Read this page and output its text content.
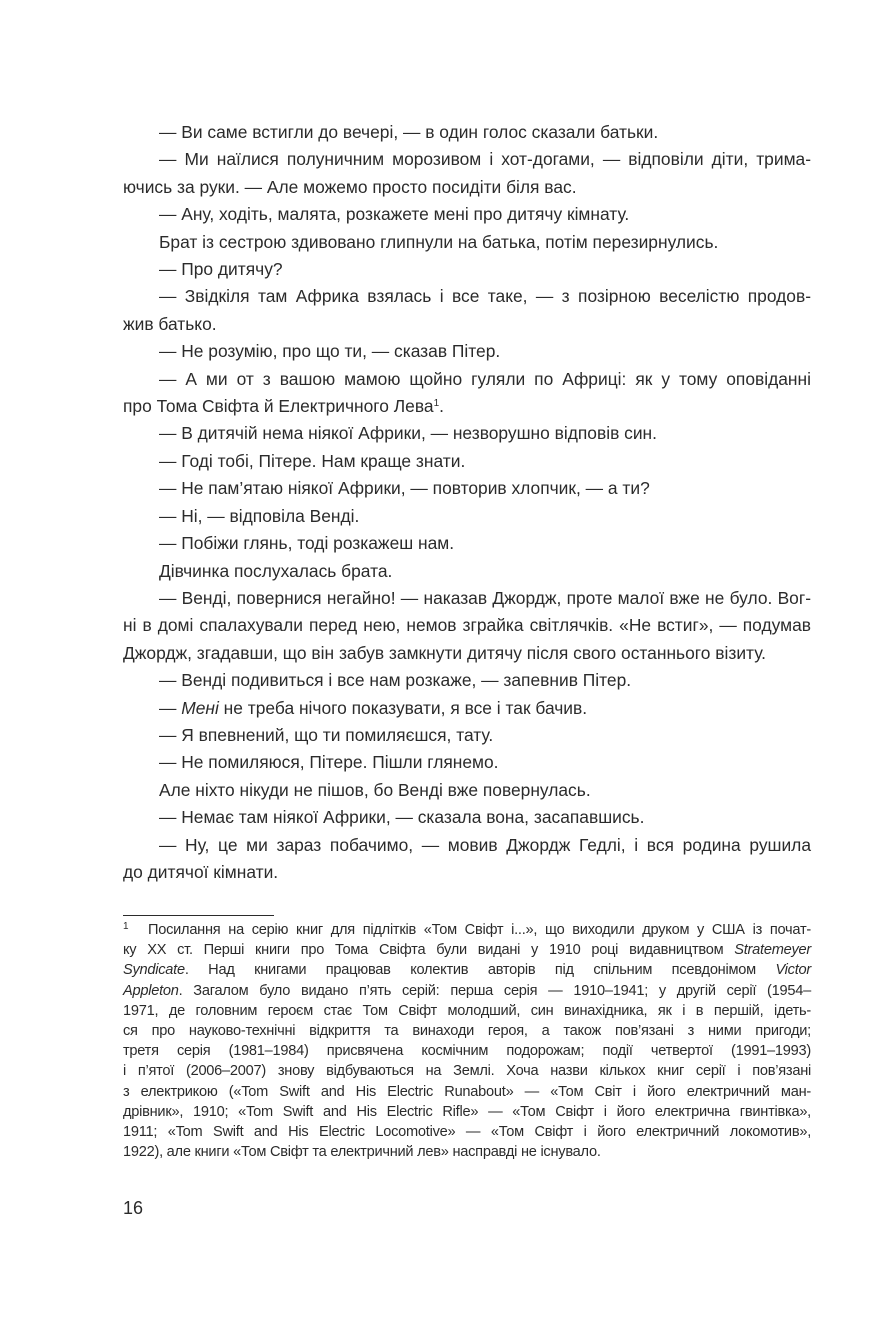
— Ви саме встигли до вечері, — в один голос сказали батьки.

— Ми наїлися полуничним морозивом і хот-догами, — відповіли діти, трима-
ючись за руки. — Але можемо просто посидіти біля вас.

— Ану, ходіть, малята, розкажете мені про дитячу кімнату.

Брат із сестрою здивовано глипнули на батька, потім перезирнулись.

— Про дитячу?

— Звідкіля там Африка взялась і все таке, — з позірною веселістю продов-
жив батько.

— Не розумію, про що ти, — сказав Пітер.

— А ми от з вашою мамою щойно гуляли по Африці: як у тому оповіданні
про Тома Свіфта й Електричного Лева$^1$.

— В дитячій нема ніякої Африки, — незворушно відповів син.

— Годі тобі, Пітере. Нам краще знати.

— Не пам’ятаю ніякої Африки, — повторив хлопчик, — а ти?

— Ні, — відповіла Венді.

— Побіжи глянь, тоді розкажеш нам.

Дівчинка послухалась брата.

— Венді, повернися негайно! — наказав Джордж, проте малої вже не було. Вог-
ні в домі спалахували перед нею, немов зграйка світлячків. «Не встиг», — подумав
Джордж, згадавши, що він забув замкнути дитячу після свого останнього візиту.

— Венді подивиться і все нам розкаже, — запевнив Пітер.

— Мені не треба нічого показувати, я все і так бачив.

— Я впевнений, що ти помиляєшся, тату.

— Не помиляюся, Пітере. Пішли глянемо.

Але ніхто нікуди не пішов, бо Венді вже повернулась.

— Немає там ніякої Африки, — сказала вона, засапавшись.

— Ну, це ми зараз побачимо, — мовив Джордж Гедлі, і вся родина рушила
до дитячої кімнати.

1 Посилання на серію книг для підлітків «Том Свіфт і...», що виходили друком у США із почат-
ку XX ст. Перші книги про Тома Свіфта були видані у 1910 році видавництвом Stratemeyer
Syndicate. Над книгами працював колектив авторів під спільним псевдонімом Victor
Appleton. Загалом було видано п’ять серій: перша серія — 1910–1941; у другій серії (1954–
1971, де головним героєм стає Том Свіфт молодший, син винахідника, як і в першій, ідеть-
ся про науково-технічні відкриття та винаходи героя, а також пов’язані з ними пригоди;
третя серія (1981–1984) присвячена космічним подорожам; події четвертої (1991–1993)
і п’ятої (2006–2007) знову відбуваються на Землі. Хоча назви кількох книг серії і пов’язані
з електрикою («Tom Swift and His Electric Runabout» — «Том Світ і його електричний ман-
дрівник», 1910; «Tom Swift and His Electric Rifle» — «Том Свіфт і його електрична гвинтівка»,
1911; «Tom Swift and His Electric Locomotive» — «Том Свіфт і його електричний локомотив»,
1922), але книги «Том Свіфт та електричний лев» насправді не існувало.
16
